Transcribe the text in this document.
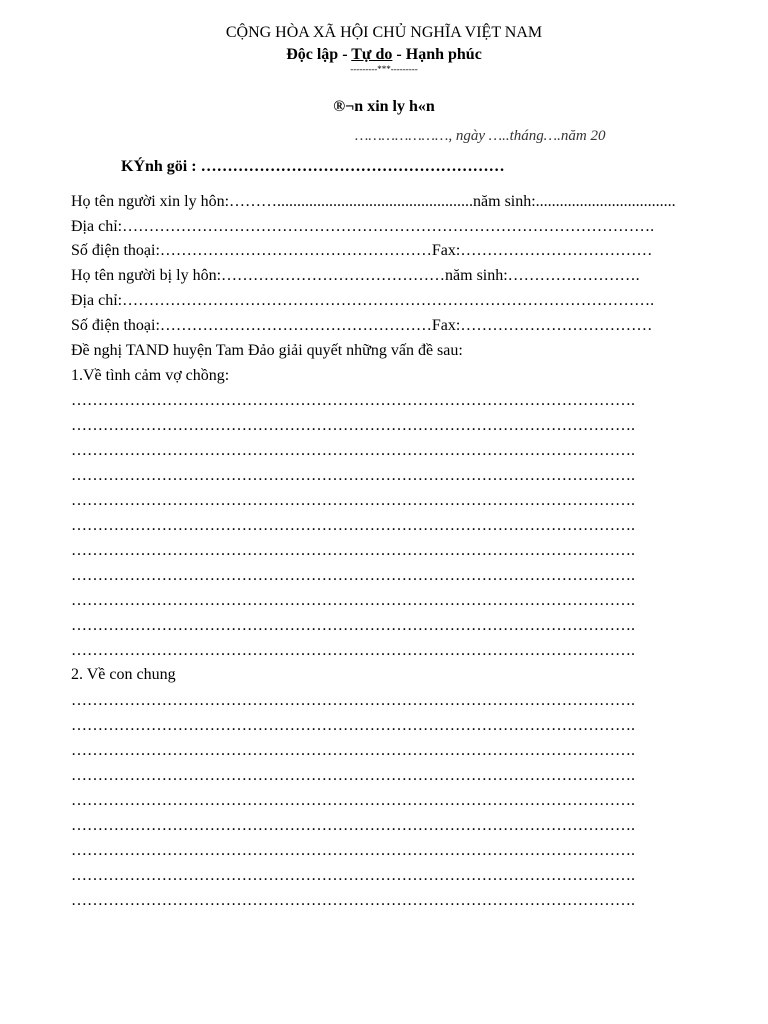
CỘNG HÒA XÃ HỘI CHỦ NGHĨA VIỆT NAM
Độc lập - Tự do - Hạnh phúc
---------***---------
®¬n xin ly h«n
…………………, ngày …..tháng….năm 20
KÝnh göi : …………………………………………………
Họ tên người xin ly hôn:……….................................................năm sinh:...................................
Địa chỉ:……………………………………………………………………………………….
Số điện thoại:……………………………………………Fax:………………………………
Họ tên người bị ly hôn:……………………………………năm sinh:…………………….
Địa chỉ:……………………………………………………………………………………….
Số điện thoại:……………………………………………Fax:………………………………
Đề nghị TAND huyện Tam Đảo giải quyết những vấn đề sau:
1.Về tình cảm vợ chồng:
…………………………………………………………………………………………….
…………………………………………………………………………………………….
…………………………………………………………………………………………….
…………………………………………………………………………………………….
…………………………………………………………………………………………….
…………………………………………………………………………………………….
…………………………………………………………………………………………….
…………………………………………………………………………………………….
…………………………………………………………………………………………….
…………………………………………………………………………………………….
…………………………………………………………………………………………….
2. Về con chung
…………………………………………………………………………………………….
…………………………………………………………………………………………….
…………………………………………………………………………………………….
…………………………………………………………………………………………….
…………………………………………………………………………………………….
…………………………………………………………………………………………….
…………………………………………………………………………………………….
…………………………………………………………………………………………….
…………………………………………………………………………………………….
